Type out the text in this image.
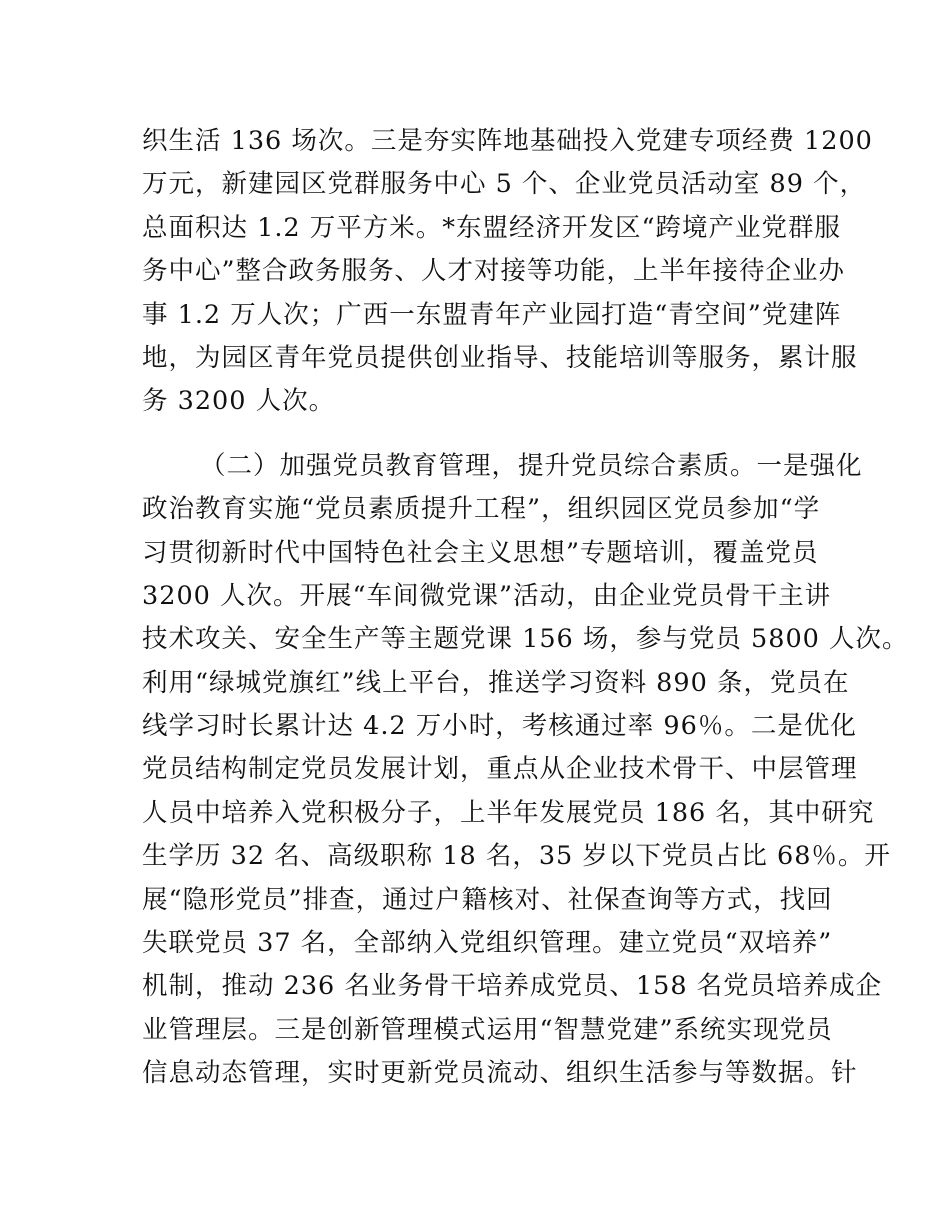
织生活 136 场次。三是夯实阵地基础投入党建专项经费 1200
万元，新建园区党群服务中心 5 个、企业党员活动室 89 个，
总面积达 1.2 万平方米。*东盟经济开发区“跨境产业党群服
务中心”整合政务服务、人才对接等功能，上半年接待企业办
事 1.2 万人次；广西一东盟青年产业园打造“青空间”党建阵
地，为园区青年党员提供创业指导、技能培训等服务，累计服
务 3200 人次。
（二）加强党员教育管理，提升党员综合素质。一是强化
政治教育实施“党员素质提升工程”，组织园区党员参加“学
习贯彻新时代中国特色社会主义思想”专题培训，覆盖党员
3200 人次。开展“车间微党课”活动，由企业党员骨干主讲
技术攻关、安全生产等主题党课 156 场，参与党员 5800 人次。
利用“绿城党旗红”线上平台，推送学习资料 890 条，党员在
线学习时长累计达 4.2 万小时，考核通过率 96％。二是优化
党员结构制定党员发展计划，重点从企业技术骨干、中层管理
人员中培养入党积极分子，上半年发展党员 186 名，其中研究
生学历 32 名、高级职称 18 名，35 岁以下党员占比 68％。开
展“隐形党员”排查，通过户籍核对、社保查询等方式，找回
失联党员 37 名，全部纳入党组织管理。建立党员“双培养”
机制，推动 236 名业务骨干培养成党员、158 名党员培养成企
业管理层。三是创新管理模式运用“智慧党建”系统实现党员
信息动态管理，实时更新党员流动、组织生活参与等数据。针
